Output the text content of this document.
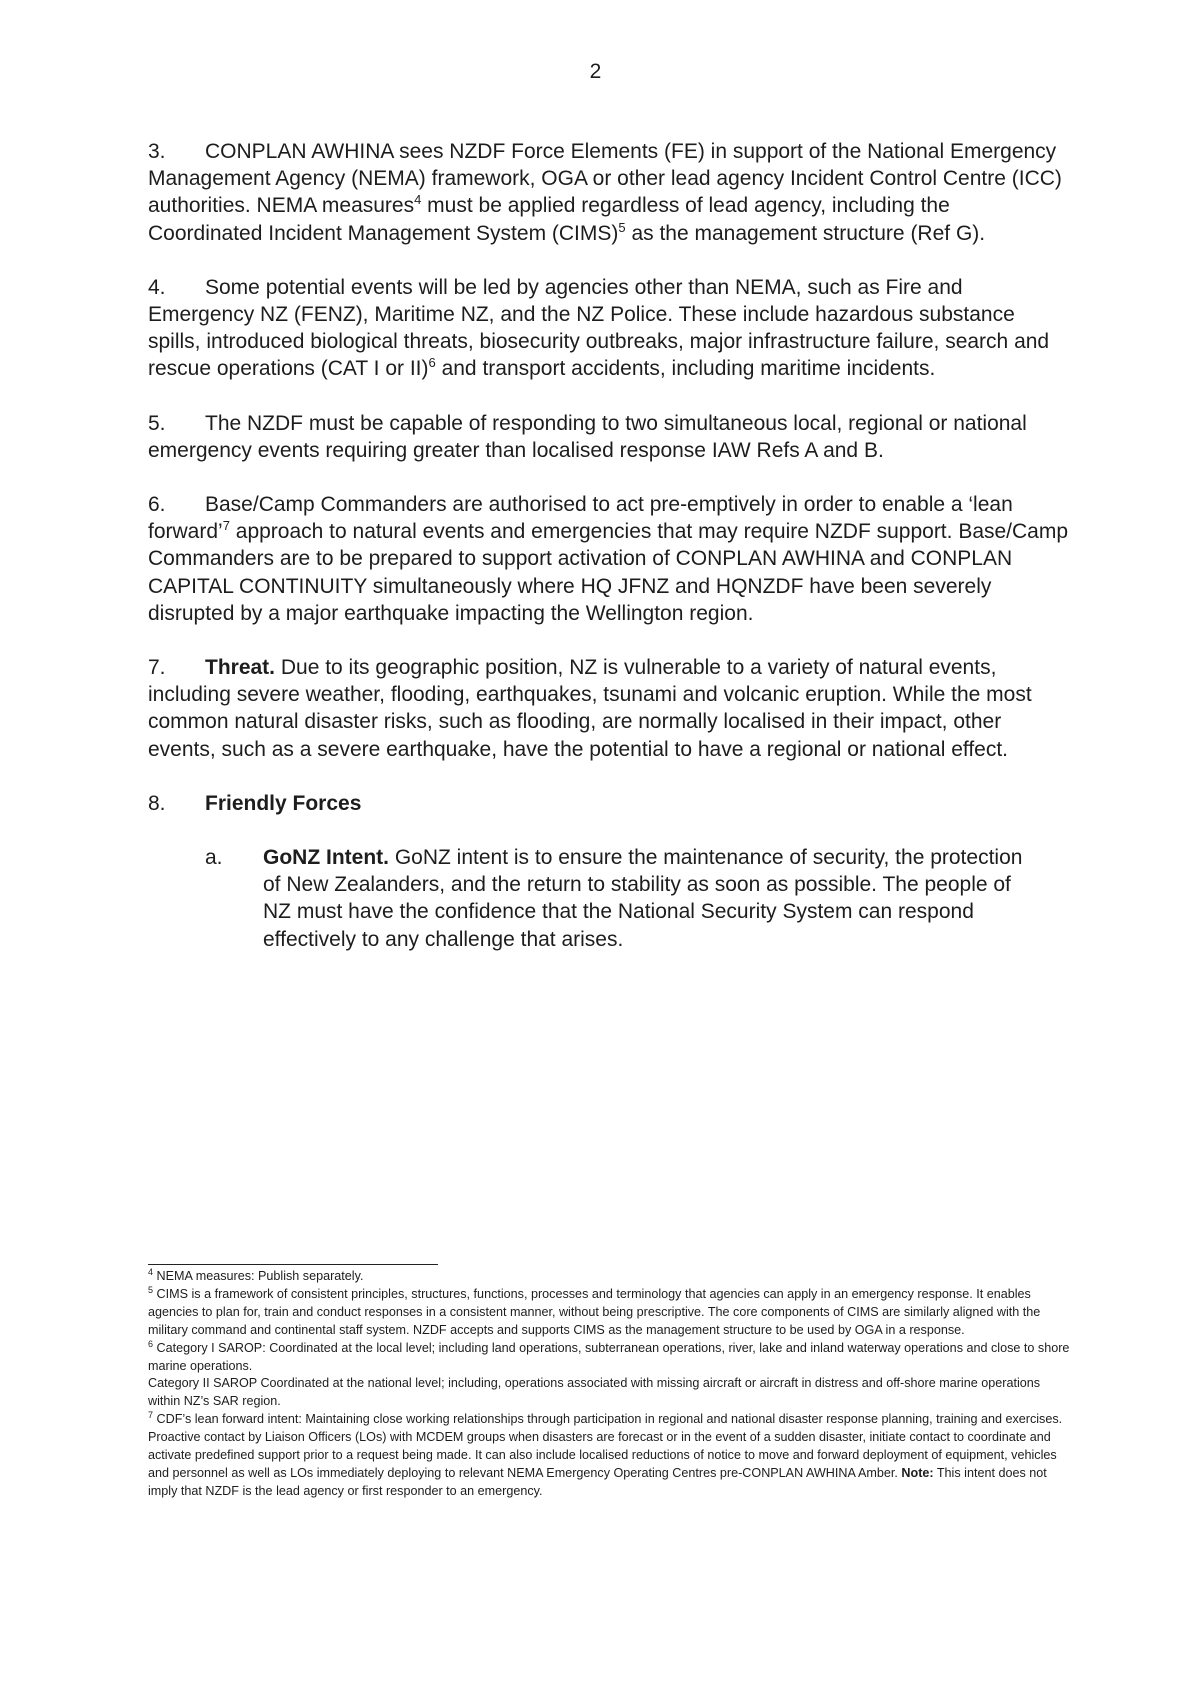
2

3. CONPLAN AWHINA sees NZDF Force Elements (FE) in support of the National Emergency Management Agency (NEMA) framework, OGA or other lead agency Incident Control Centre (ICC) authorities. NEMA measures$^4$ must be applied regardless of lead agency, including the Coordinated Incident Management System (CIMS)$^5$ as the management structure (Ref G).

4. Some potential events will be led by agencies other than NEMA, such as Fire and Emergency NZ (FENZ), Maritime NZ, and the NZ Police. These include hazardous substance spills, introduced biological threats, biosecurity outbreaks, major infrastructure failure, search and rescue operations (CAT I or II)$^6$ and transport accidents, including maritime incidents.

5. The NZDF must be capable of responding to two simultaneous local, regional or national emergency events requiring greater than localised response IAW Refs A and B.

6. Base/Camp Commanders are authorised to act pre-emptively in order to enable a ‘lean forward’$^7$ approach to natural events and emergencies that may require NZDF support. Base/Camp Commanders are to be prepared to support activation of CONPLAN AWHINA and CONPLAN CAPITAL CONTINUITY simultaneously where HQ JFNZ and HQNZDF have been severely disrupted by a major earthquake impacting the Wellington region.

7. Threat. Due to its geographic position, NZ is vulnerable to a variety of natural events, including severe weather, flooding, earthquakes, tsunami and volcanic eruption. While the most common natural disaster risks, such as flooding, are normally localised in their impact, other events, such as a severe earthquake, have the potential to have a regional or national effect.

8. Friendly Forces

a. GoNZ Intent. GoNZ intent is to ensure the maintenance of security, the protection of New Zealanders, and the return to stability as soon as possible. The people of NZ must have the confidence that the National Security System can respond effectively to any challenge that arises.

$^4$ NEMA measures: Publish separately.

$^5$ CIMS is a framework of consistent principles, structures, functions, processes and terminology that agencies can apply in an emergency response. It enables agencies to plan for, train and conduct responses in a consistent manner, without being prescriptive. The core components of CIMS are similarly aligned with the military command and continental staff system. NZDF accepts and supports CIMS as the management structure to be used by OGA in a response.

$^6$ Category I SAROP: Coordinated at the local level; including land operations, subterranean operations, river, lake and inland waterway operations and close to shore marine operations.

Category II SAROP Coordinated at the national level; including, operations associated with missing aircraft or aircraft in distress and off-shore marine operations within NZ’s SAR region.

$^7$ CDF’s lean forward intent: Maintaining close working relationships through participation in regional and national disaster response planning, training and exercises. Proactive contact by Liaison Officers (LOs) with MCDEM groups when disasters are forecast or in the event of a sudden disaster, initiate contact to coordinate and activate predefined support prior to a request being made. It can also include localised reductions of notice to move and forward deployment of equipment, vehicles and personnel as well as LOs immediately deploying to relevant NEMA Emergency Operating Centres pre-CONPLAN AWHINA Amber. Note: This intent does not imply that NZDF is the lead agency or first responder to an emergency.
